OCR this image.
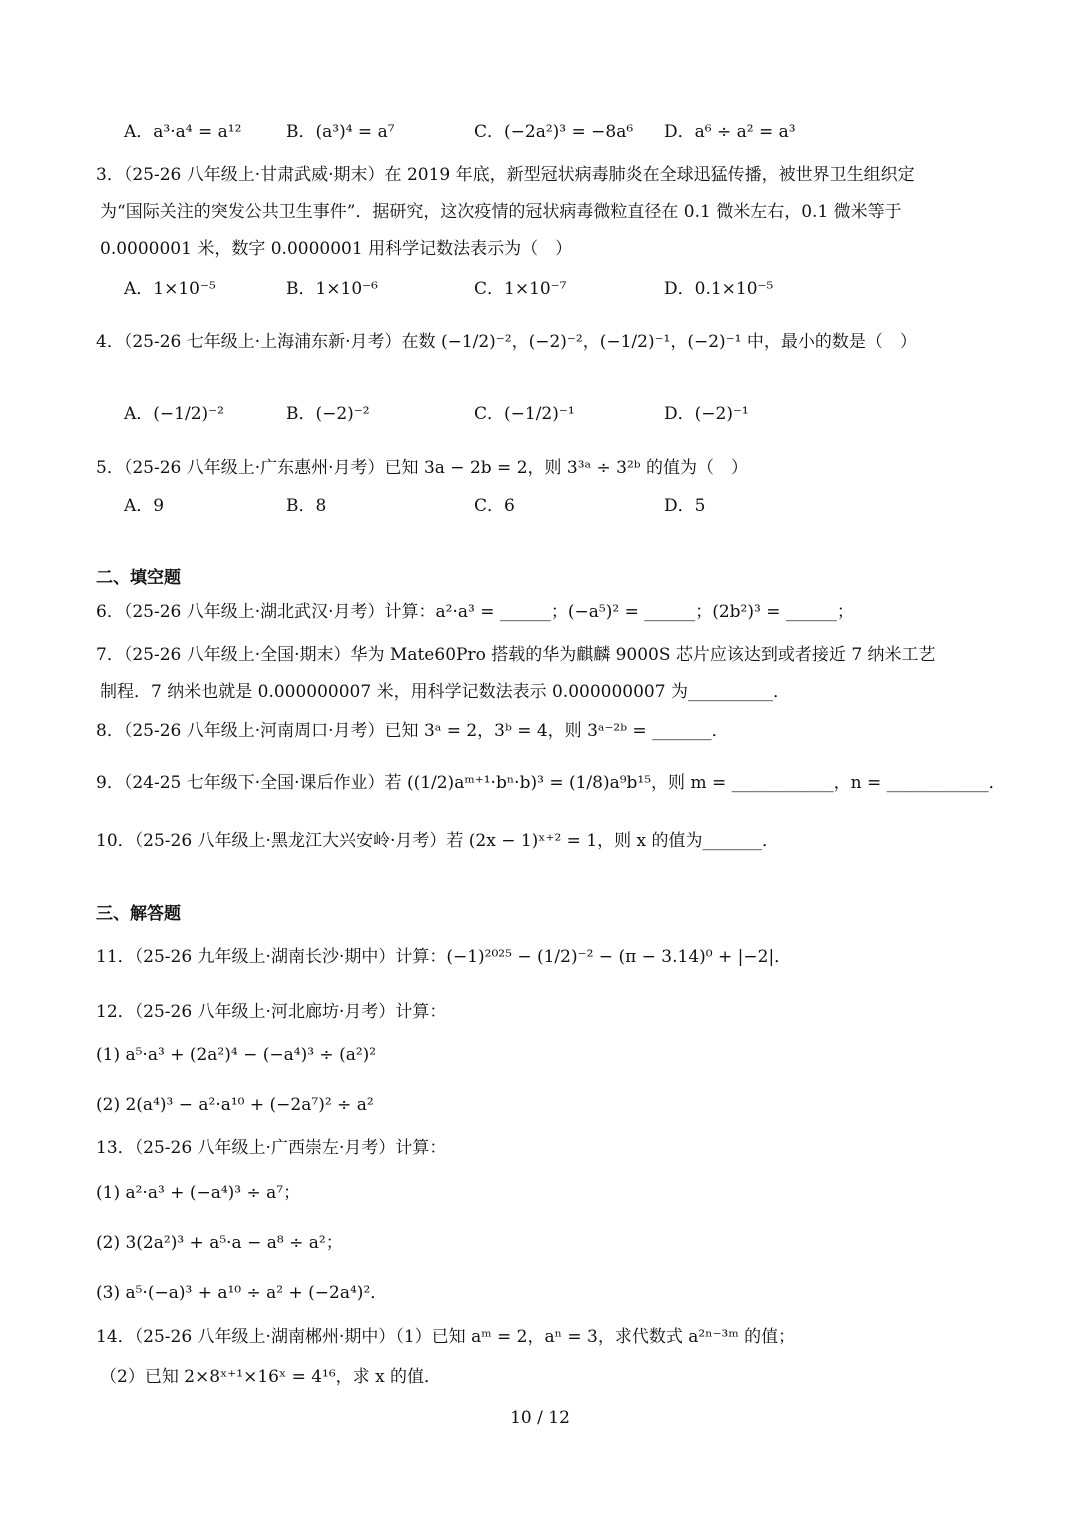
A．a³·a⁴ = a¹²	B．(a³)⁴ = a⁷	C．(−2a²)³ = −8a⁶ D．a⁶ ÷ a² = a³
3．（25-26 八年级上·甘肃武威·期末）在 2019 年底，新型冠状病毒肺炎在全球迅猛传播，被世界卫生组织定
为“国际关注的突发公共卫生事件”．据研究，这次疫情的冠状病毒微粒直径在 0.1 微米左右，0.1 微米等于
0.0000001 米，数字 0.0000001 用科学记数法表示为（　）
A．1×10⁻⁵	B．1×10⁻⁶	C．1×10⁻⁷	D．0.1×10⁻⁵
4．（25-26 七年级上·上海浦东新·月考）在数 (−1/2)⁻²，(−2)⁻²，(−1/2)⁻¹，(−2)⁻¹ 中，最小的数是（　）
A．(−1/2)⁻²	B．(−2)⁻²	C．(−1/2)⁻¹	D．(−2)⁻¹
5．（25-26 八年级上·广东惠州·月考）已知 3a − 2b = 2，则 3³ᵃ ÷ 3²ᵇ 的值为（　）
A．9	B．8	C．6	D．5
二、填空题
6．（25-26 八年级上·湖北武汉·月考）计算：a²·a³ = ______；(−a⁵)² = ______；(2b²)³ = ______；
7．（25-26 八年级上·全国·期末）华为 Mate60Pro 搭载的华为麒麟 9000S 芯片应该达到或者接近 7 纳米工艺
制程．7 纳米也就是 0.000000007 米，用科学记数法表示 0.000000007 为__________．
8．（25-26 八年级上·河南周口·月考）已知 3ᵃ = 2，3ᵇ = 4，则 3ᵃ⁻²ᵇ = _______．
9．（24-25 七年级下·全国·课后作业）若 ((1/2)aᵐ⁺¹·bⁿ·b)³ = (1/8)a⁹b¹⁵，则 m = ____________，n = ____________．
10．（25-26 八年级上·黑龙江大兴安岭·月考）若 (2x − 1)ˣ⁺² = 1，则 x 的值为_______．
三、解答题
11．（25-26 九年级上·湖南长沙·期中）计算：(−1)²⁰²⁵ − (1/2)⁻² − (π − 3.14)⁰ + |−2|．
12．（25-26 八年级上·河北廊坊·月考）计算：
(1) a⁵·a³ + (2a²)⁴ − (−a⁴)³ ÷ (a²)²
(2) 2(a⁴)³ − a²·a¹⁰ + (−2a⁷)² ÷ a²
13．（25-26 八年级上·广西崇左·月考）计算：
(1) a²·a³ + (−a⁴)³ ÷ a⁷；
(2) 3(2a²)³ + a⁵·a − a⁸ ÷ a²；
(3) a⁵·(−a)³ + a¹⁰ ÷ a² + (−2a⁴)²．
14．（25-26 八年级上·湖南郴州·期中）（1）已知 aᵐ = 2，aⁿ = 3，求代数式 a²ⁿ⁻³ᵐ 的值；
（2）已知 2×8ˣ⁺¹×16ˣ = 4¹⁶，求 x 的值．
10 / 12
